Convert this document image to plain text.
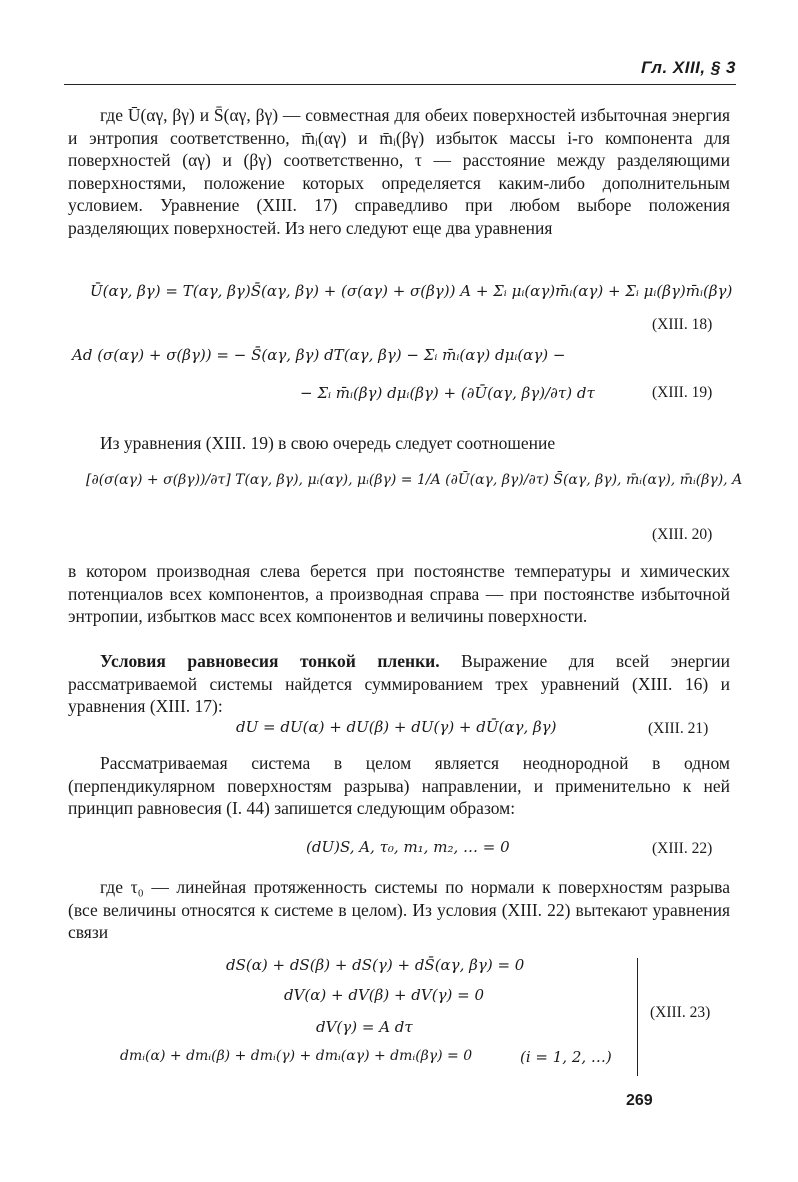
Гл. XIII, § 3

где Ū(αγ, βγ) и S̄(αγ, βγ) — совместная для обеих поверхностей избыточная энергия и энтропия соответственно, m̄ᵢ(αγ) и m̄ᵢ(βγ) избыток массы i-го компонента для поверхностей (αγ) и (βγ) соответственно, τ — расстояние между разделяющими поверхностями, положение которых определяется каким-либо дополнительным условием. Уравнение (XIII. 17) справедливо при любом выборе положения разделяющих поверхностей. Из него следуют еще два уравнения

Ū(αγ, βγ) = T(αγ, βγ)S̄(αγ, βγ) + (σ(αγ) + σ(βγ)) A + Σᵢ μᵢ(αγ)m̄ᵢ(αγ) + Σᵢ μᵢ(βγ)m̄ᵢ(βγ)
(XIII. 18)
Ad (σ(αγ) + σ(βγ)) = − S̄(αγ, βγ) dT(αγ, βγ) − Σᵢ m̄ᵢ(αγ) dμᵢ(αγ) −
− Σᵢ m̄ᵢ(βγ) dμᵢ(βγ) + (∂Ū(αγ, βγ)/∂τ) dτ	(XIII. 19)

Из уравнения (XIII. 19) в свою очередь следует соотношение

[∂(σ(αγ) + σ(βγ))/∂τ] T(αγ, βγ), μᵢ(αγ), μᵢ(βγ) = 1/A (∂Ū(αγ, βγ)/∂τ) S̄(αγ, βγ), m̄ᵢ(αγ), m̄ᵢ(βγ), A
(XIII. 20)

в котором производная слева берется при постоянстве температуры и химических потенциалов всех компонентов, а производная справа — при постоянстве избыточной энтропии, избытков масс всех компонентов и величины поверхности.

Условия равновесия тонкой пленки. Выражение для всей энергии рассматриваемой системы найдется суммированием трех уравнений (XIII. 16) и уравнения (XIII. 17):

dU = dU(α) + dU(β) + dU(γ) + dŪ(αγ, βγ)	(XIII. 21)

Рассматриваемая система в целом является неоднородной в одном (перпендикулярном поверхностям разрыва) направлении, и применительно к ней принцип равновесия (I. 44) запишется следующим образом:

(dU)S, A, τ₀, m₁, m₂, … = 0	(XIII. 22)

где τ₀ — линейная протяженность системы по нормали к поверхностям разрыва (все величины относятся к системе в целом). Из условия (XIII. 22) вытекают уравнения связи

dS(α) + dS(β) + dS(γ) + dS̄(αγ, βγ) = 0
dV(α) + dV(β) + dV(γ) = 0
dV(γ) = A dτ
dmᵢ(α) + dmᵢ(β) + dmᵢ(γ) + dmᵢ(αγ) + dmᵢ(βγ) = 0	(i = 1, 2, …)
(XIII. 23)
269
